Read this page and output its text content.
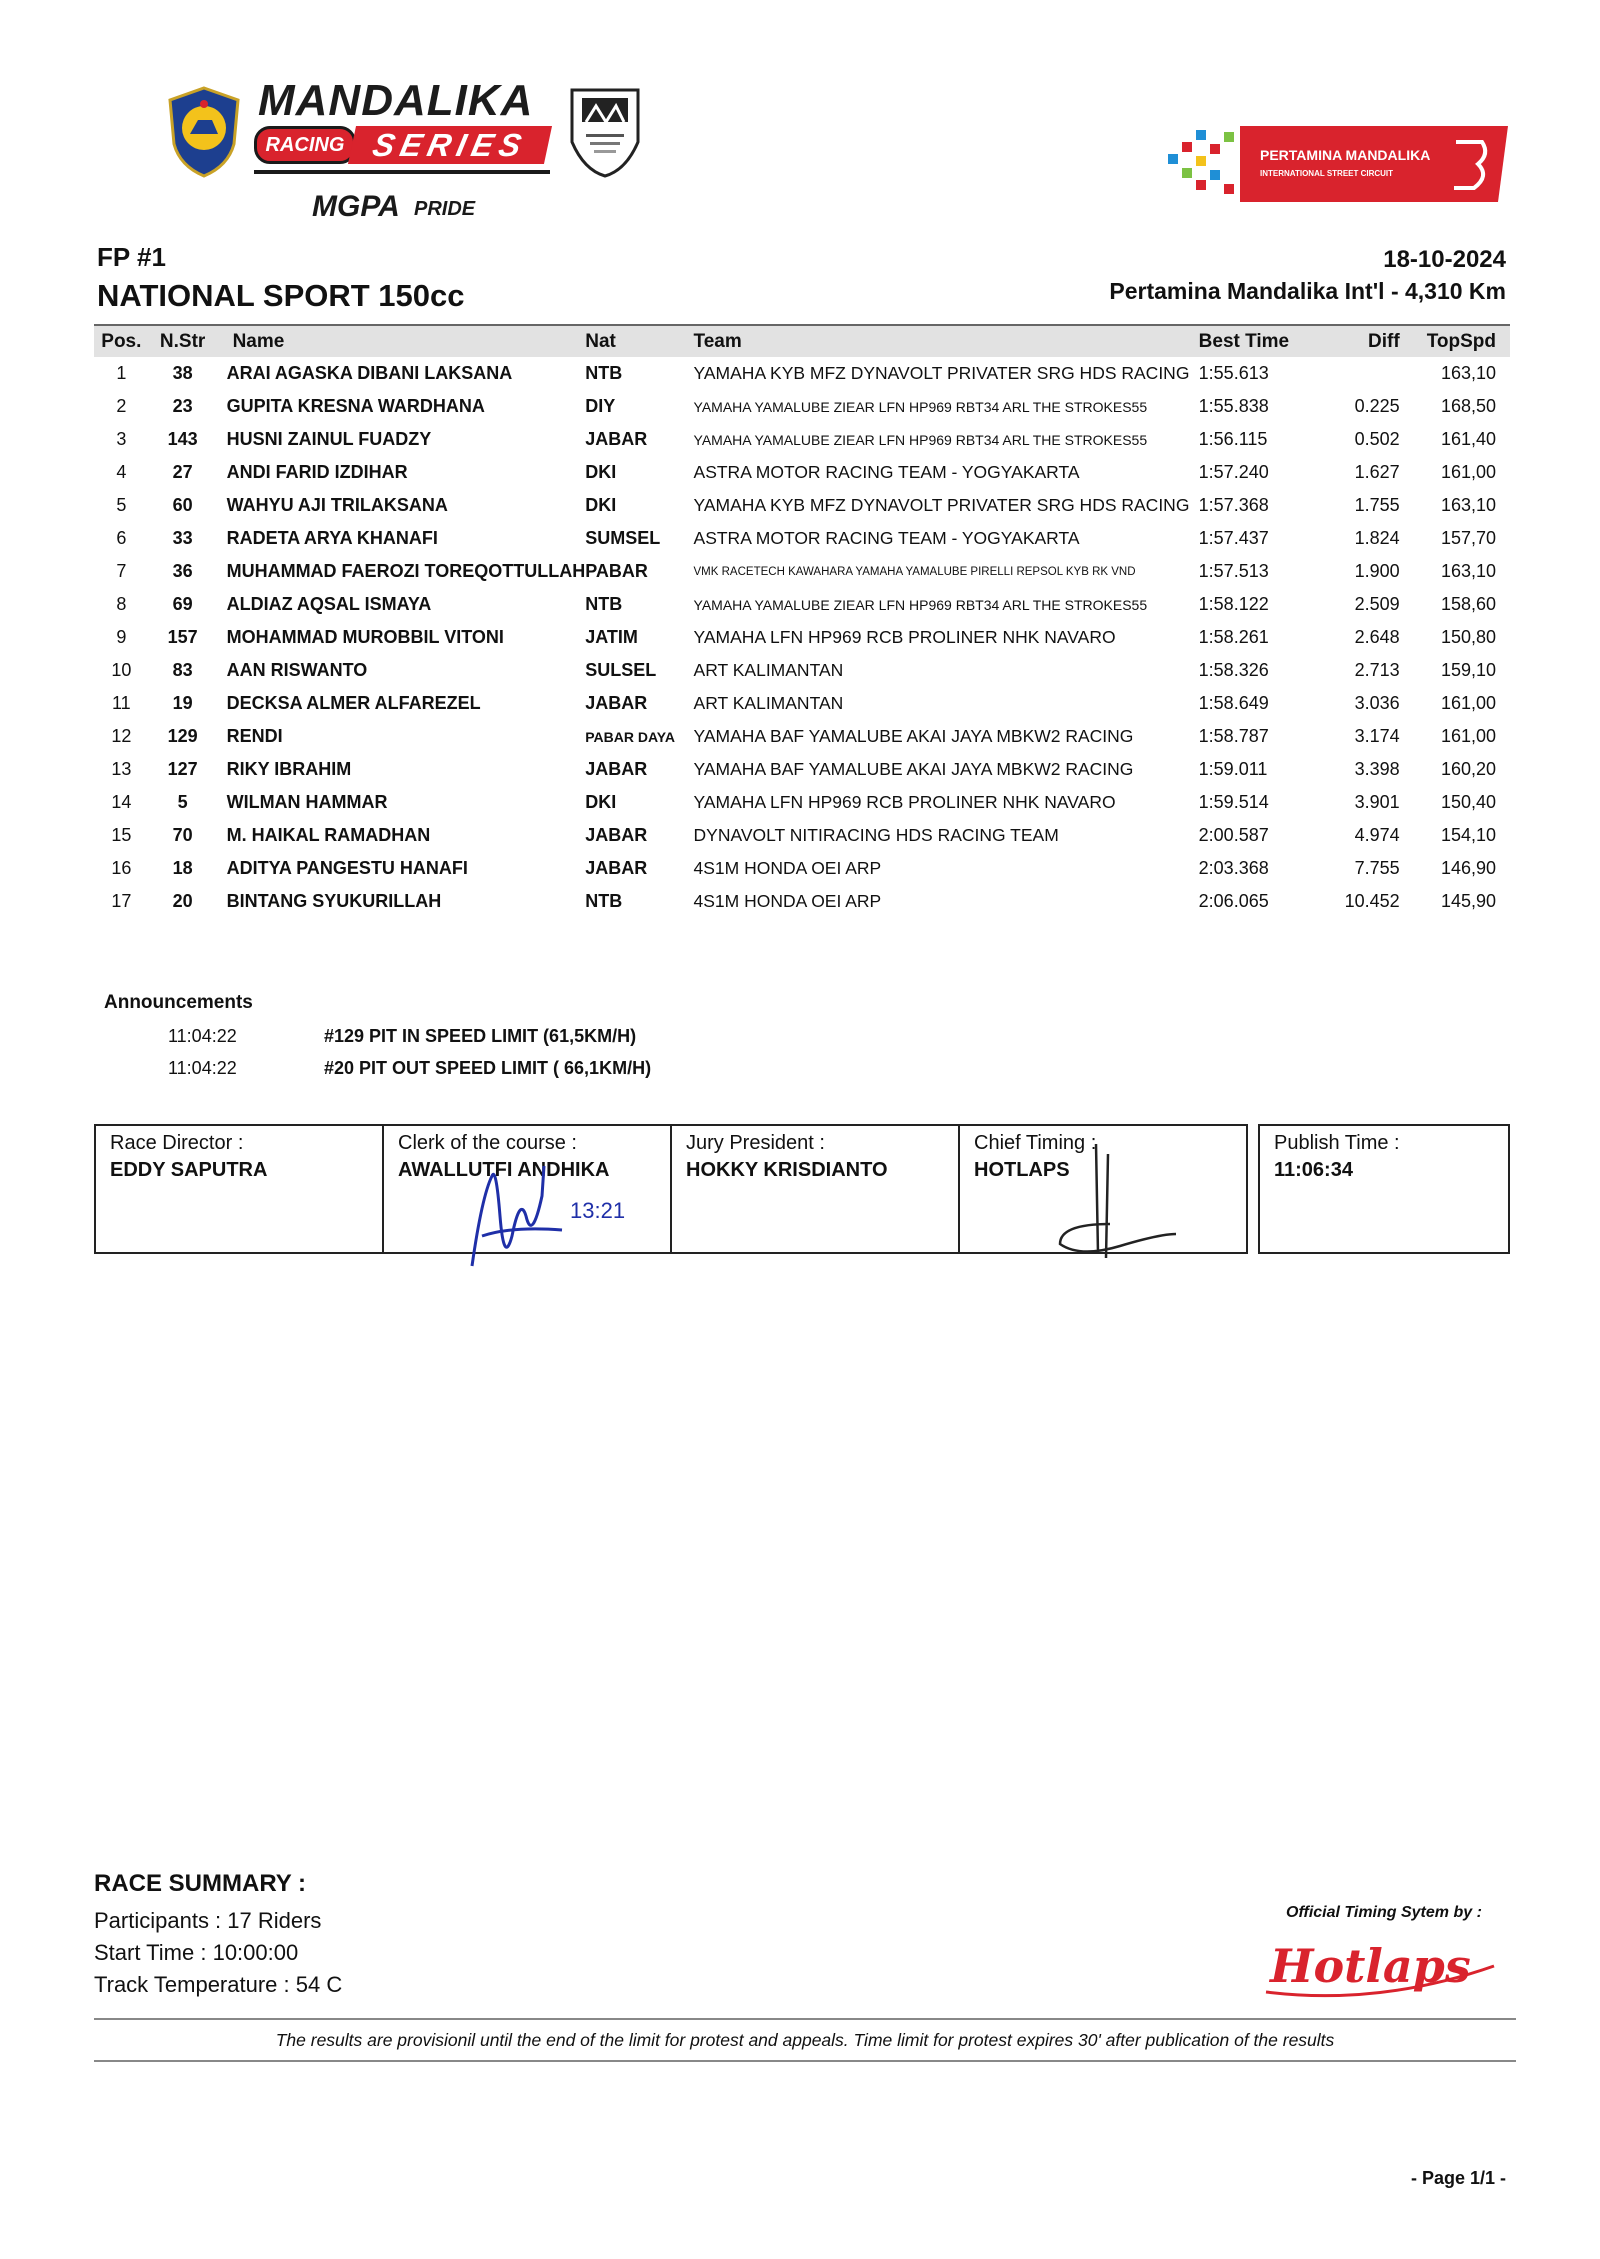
MANDALIKA
RACING SERIES
MGPA PRIDE
PERTAMINA MANDALIKA
INTERNATIONAL STREET CIRCUIT
FP #1
NATIONAL SPORT 150cc
18-10-2024
Pertamina Mandalika Int'l - 4,310 Km
Pos.	N.Str	Name	Nat	Team	Best Time	Diff	TopSpd
1	38	ARAI AGASKA DIBANI LAKSANA	NTB	YAMAHA KYB MFZ DYNAVOLT PRIVATER SRG HDS RACING	1:55.613		163,10
2	23	GUPITA KRESNA WARDHANA	DIY	YAMAHA YAMALUBE ZIEAR LFN HP969 RBT34 ARL THE STROKES55	1:55.838	0.225	168,50
3	143	HUSNI ZAINUL FUADZY	JABAR	YAMAHA YAMALUBE ZIEAR LFN HP969 RBT34 ARL THE STROKES55	1:56.115	0.502	161,40
4	27	ANDI FARID IZDIHAR	DKI	ASTRA MOTOR RACING TEAM - YOGYAKARTA	1:57.240	1.627	161,00
5	60	WAHYU AJI TRILAKSANA	DKI	YAMAHA KYB MFZ DYNAVOLT PRIVATER SRG HDS RACING	1:57.368	1.755	163,10
6	33	RADETA ARYA KHANAFI	SUMSEL	ASTRA MOTOR RACING TEAM - YOGYAKARTA	1:57.437	1.824	157,70
7	36	MUHAMMAD FAEROZI TOREQOTTULLAH	PABAR	VMK RACETECH KAWAHARA YAMAHA YAMALUBE PIRELLI REPSOL KYB RK VND	1:57.513	1.900	163,10
8	69	ALDIAZ AQSAL ISMAYA	NTB	YAMAHA YAMALUBE ZIEAR LFN HP969 RBT34 ARL THE STROKES55	1:58.122	2.509	158,60
9	157	MOHAMMAD MUROBBIL VITONI	JATIM	YAMAHA LFN HP969 RCB PROLINER NHK NAVARO	1:58.261	2.648	150,80
10	83	AAN RISWANTO	SULSEL	ART KALIMANTAN	1:58.326	2.713	159,10
11	19	DECKSA ALMER ALFAREZEL	JABAR	ART KALIMANTAN	1:58.649	3.036	161,00
12	129	RENDI	PABAR DAYA	YAMAHA BAF YAMALUBE AKAI JAYA MBKW2 RACING	1:58.787	3.174	161,00
13	127	RIKY IBRAHIM	JABAR	YAMAHA BAF YAMALUBE AKAI JAYA MBKW2 RACING	1:59.011	3.398	160,20
14	5	WILMAN HAMMAR	DKI	YAMAHA LFN HP969 RCB PROLINER NHK NAVARO	1:59.514	3.901	150,40
15	70	M. HAIKAL RAMADHAN	JABAR	DYNAVOLT NITIRACING HDS RACING TEAM	2:00.587	4.974	154,10
16	18	ADITYA PANGESTU HANAFI	JABAR	4S1M HONDA OEI ARP	2:03.368	7.755	146,90
17	20	BINTANG SYUKURILLAH	NTB	4S1M HONDA OEI ARP	2:06.065	10.452	145,90
Announcements
11:04:22	#129 PIT IN SPEED LIMIT (61,5KM/H)
11:04:22	#20 PIT OUT SPEED LIMIT ( 66,1KM/H)
Race Director :
EDDY SAPUTRA
Clerk of the course :
AWALLUTFI ANDHIKA
Jury President :
HOKKY KRISDIANTO
Chief Timing :
HOTLAPS
Publish Time :
11:06:34
13:21
RACE SUMMARY :
Participants : 17 Riders
Start Time : 10:00:00
Track Temperature : 54 C
Official Timing Sytem by :
Hotlaps
The results are provisionil until the end of the limit for protest and appeals. Time limit for protest expires 30' after publication of the results
- Page 1/1 -
